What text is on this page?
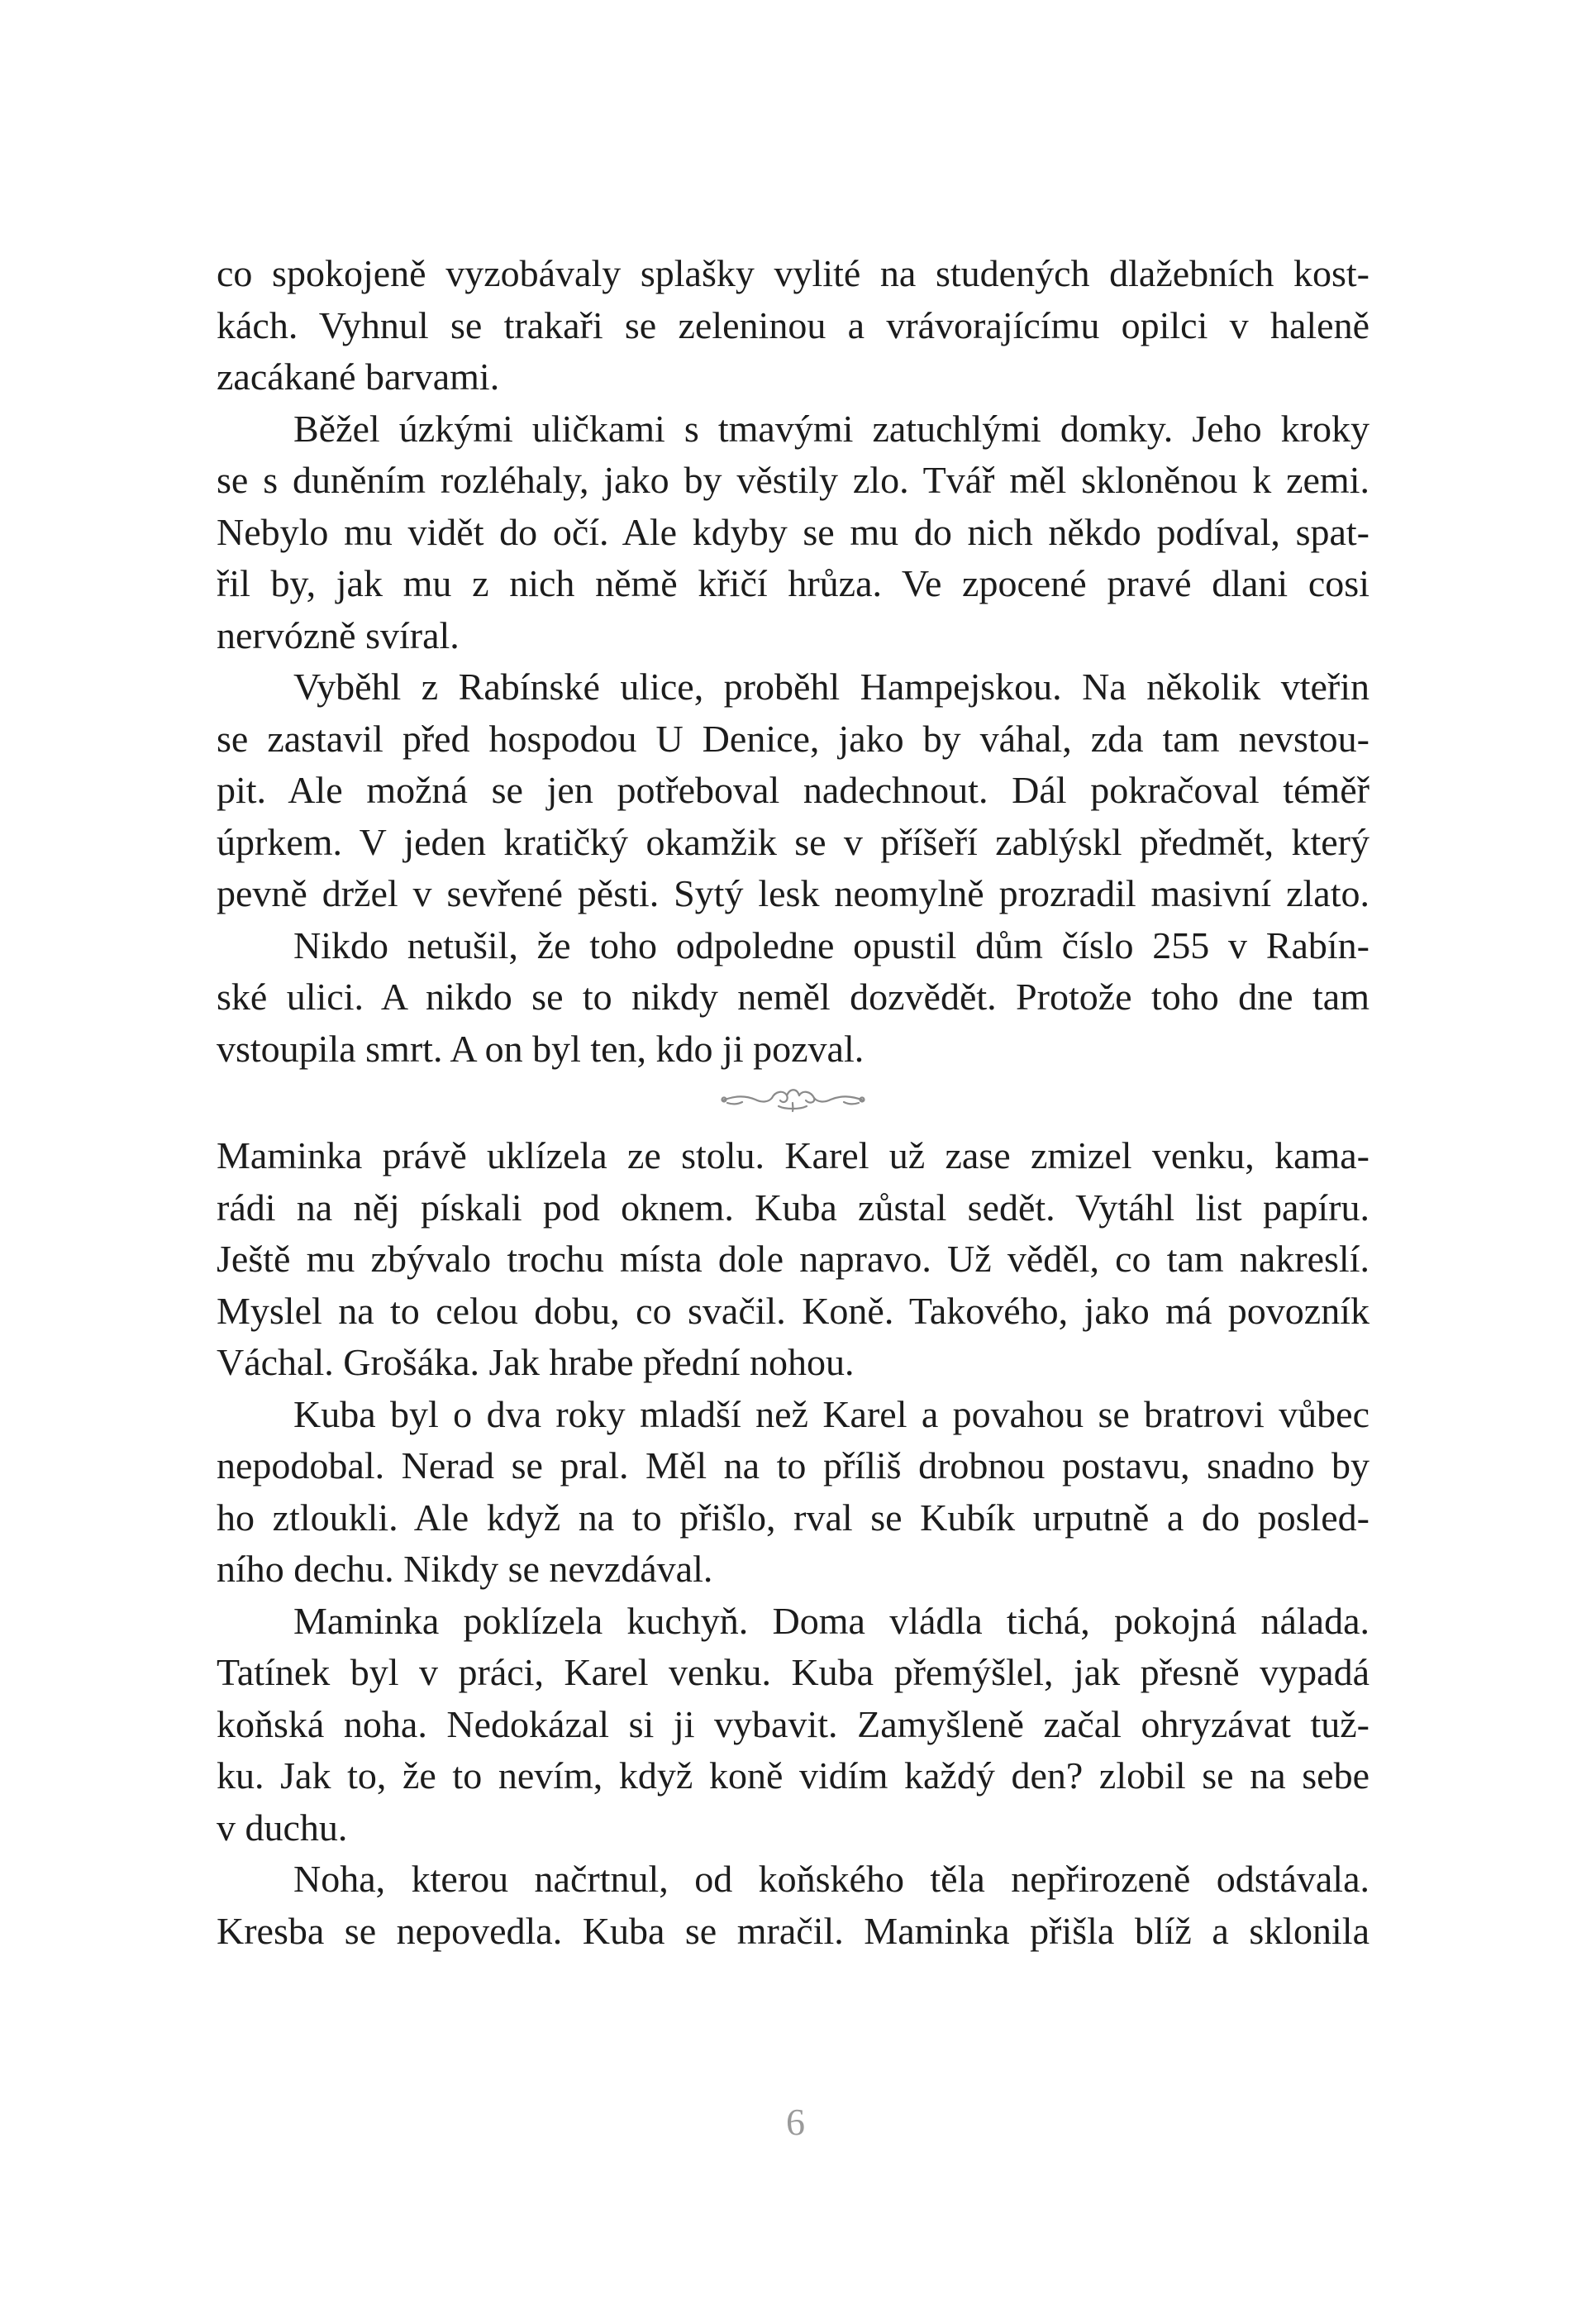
co spokojeně vyzobávaly splašky vylité na studených dlažebních kost-
kách. Vyhnul se trakaři se zeleninou a vrávorajícímu opilci v haleně
zacákané barvami.
Běžel úzkými uličkami s tmavými zatuchlými domky. Jeho kroky
se s duněním rozléhaly, jako by věstily zlo. Tvář měl skloněnou k zemi.
Nebylo mu vidět do očí. Ale kdyby se mu do nich někdo podíval, spat-
řil by, jak mu z nich němě křičí hrůza. Ve zpocené pravé dlani cosi
nervózně svíral.
Vyběhl z Rabínské ulice, proběhl Hampejskou. Na několik vteřin
se zastavil před hospodou U Denice, jako by váhal, zda tam nevstou-
pit. Ale možná se jen potřeboval nadechnout. Dál pokračoval téměř
úprkem. V jeden kratičký okamžik se v příšeří zablýskl předmět, který
pevně držel v sevřené pěsti. Sytý lesk neomylně prozradil masivní zlato.
Nikdo netušil, že toho odpoledne opustil dům číslo 255 v Rabín-
ské ulici. A nikdo se to nikdy neměl dozvědět. Protože toho dne tam
vstoupila smrt. A on byl ten, kdo ji pozval.
Maminka právě uklízela ze stolu. Karel už zase zmizel venku, kama-
rádi na něj pískali pod oknem. Kuba zůstal sedět. Vytáhl list papíru.
Ještě mu zbývalo trochu místa dole napravo. Už věděl, co tam nakreslí.
Myslel na to celou dobu, co svačil. Koně. Takového, jako má povozník
Váchal. Grošáka. Jak hrabe přední nohou.
Kuba byl o dva roky mladší než Karel a povahou se bratrovi vůbec
nepodobal. Nerad se pral. Měl na to příliš drobnou postavu, snadno by
ho ztloukli. Ale když na to přišlo, rval se Kubík urputně a do posled-
ního dechu. Nikdy se nevzdával.
Maminka poklízela kuchyň. Doma vládla tichá, pokojná nálada.
Tatínek byl v práci, Karel venku. Kuba přemýšlel, jak přesně vypadá
koňská noha. Nedokázal si ji vybavit. Zamyšleně začal ohryzávat tuž-
ku. Jak to, že to nevím, když koně vidím každý den? zlobil se na sebe
v duchu.
Noha, kterou načrtnul, od koňského těla nepřirozeně odstávala.
Kresba se nepovedla. Kuba se mračil. Maminka přišla blíž a sklonila
6
